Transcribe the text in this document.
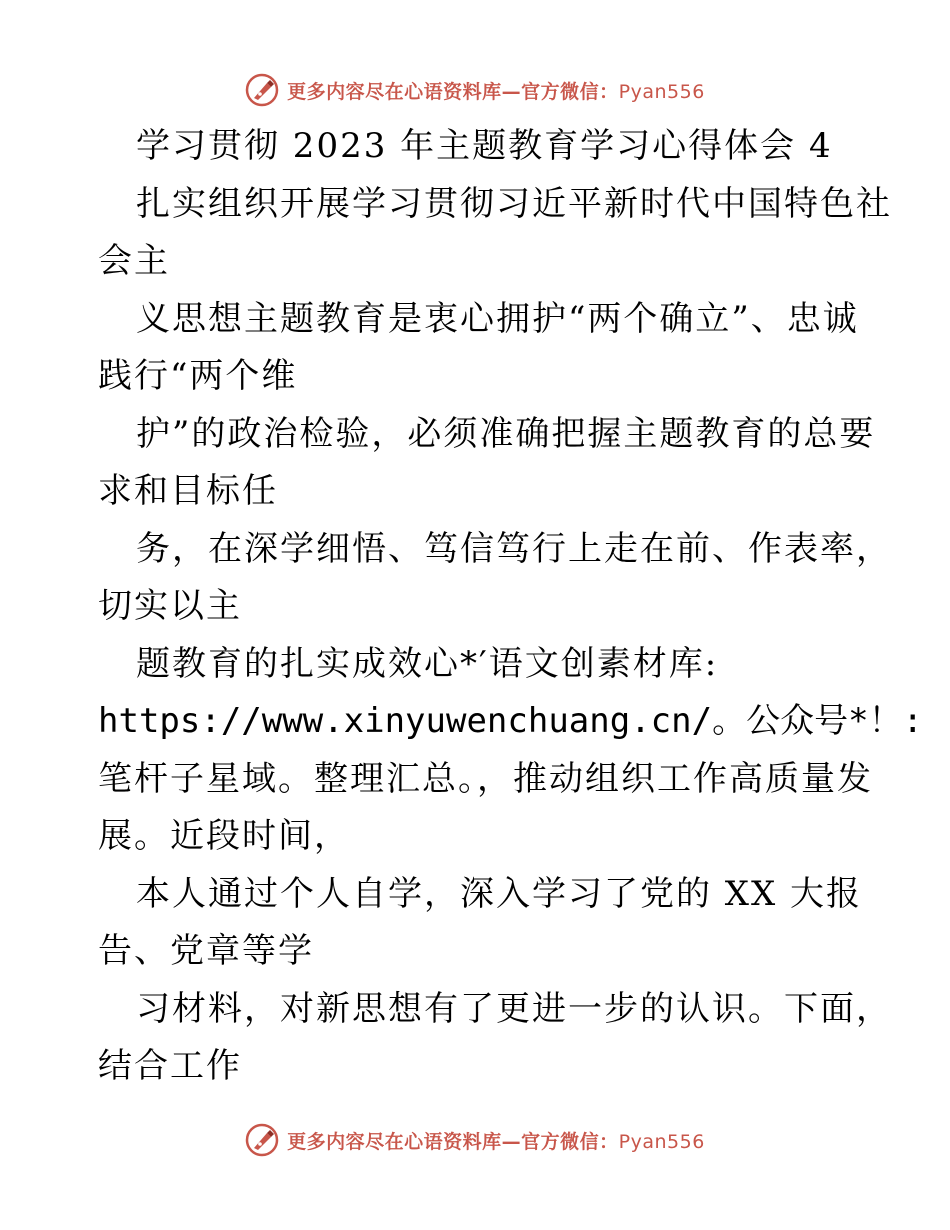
更多内容尽在心语资料库—官方微信：Pyan556
学习贯彻 2023 年主题教育学习心得体会 4
扎实组织开展学习贯彻习近平新时代中国特色社
会主
义思想主题教育是衷心拥护“两个确立”、忠诚
践行“两个维
护”的政治检验，必须准确把握主题教育的总要
求和目标任
务，在深学细悟、笃信笃行上走在前、作表率，
切实以主
题教育的扎实成效心*′语文创素材库:
https://www.xinyuwenchuang.cn/。公众号*！:
笔杆子星域。整理汇总。，推动组织工作高质量发
展。近段时间，
本人通过个人自学，深入学习了党的 XX 大报
告、党章等学
习材料，对新思想有了更进一步的认识。下面，
结合工作
更多内容尽在心语资料库—官方微信：Pyan556
